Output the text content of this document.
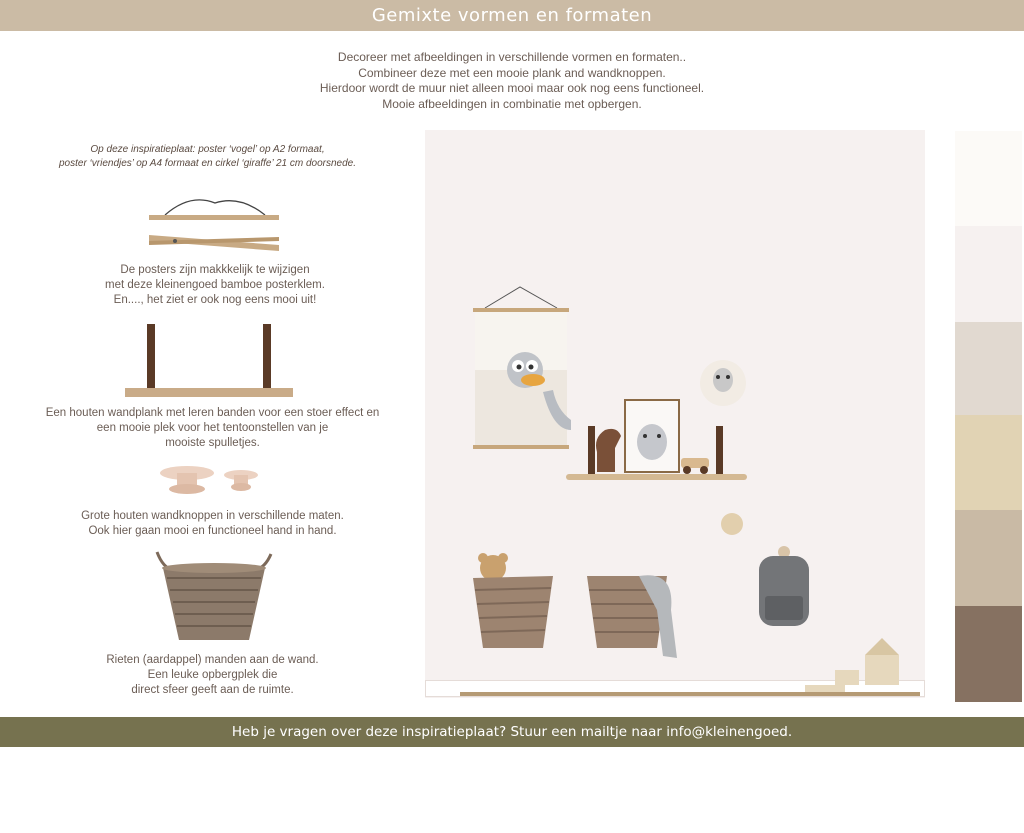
Gemixte vormen en formaten
Decoreer met afbeeldingen in verschillende vormen en formaten..
Combineer deze met een mooie plank and wandknoppen.
Hierdoor wordt de muur niet alleen mooi maar ook nog eens functioneel.
Mooie afbeeldingen in combinatie met opbergen.
Op deze inspiratieplaat: poster ‘vogel’ op A2 formaat,
poster ‘vriendjes’ op A4 formaat en cirkel ‘giraffe’ 21 cm doorsnede.
De posters zijn makkkelijk te wijzigen
met deze kleinengoed bamboe posterklem.
En...., het ziet er ook nog eens mooi uit!
Een houten wandplank met leren banden voor een stoer effect en
een mooie plek voor het tentoonstellen van je
mooiste spulletjes.
Grote houten wandknoppen in verschillende maten.
Ook hier gaan mooi en functioneel hand in hand.
Rieten (aardappel) manden aan de wand.
Een leuke opbergplek die
direct sfeer geeft aan de ruimte.
Heb je vragen over deze inspiratieplaat? Stuur een mailtje naar info@kleinengoed.
